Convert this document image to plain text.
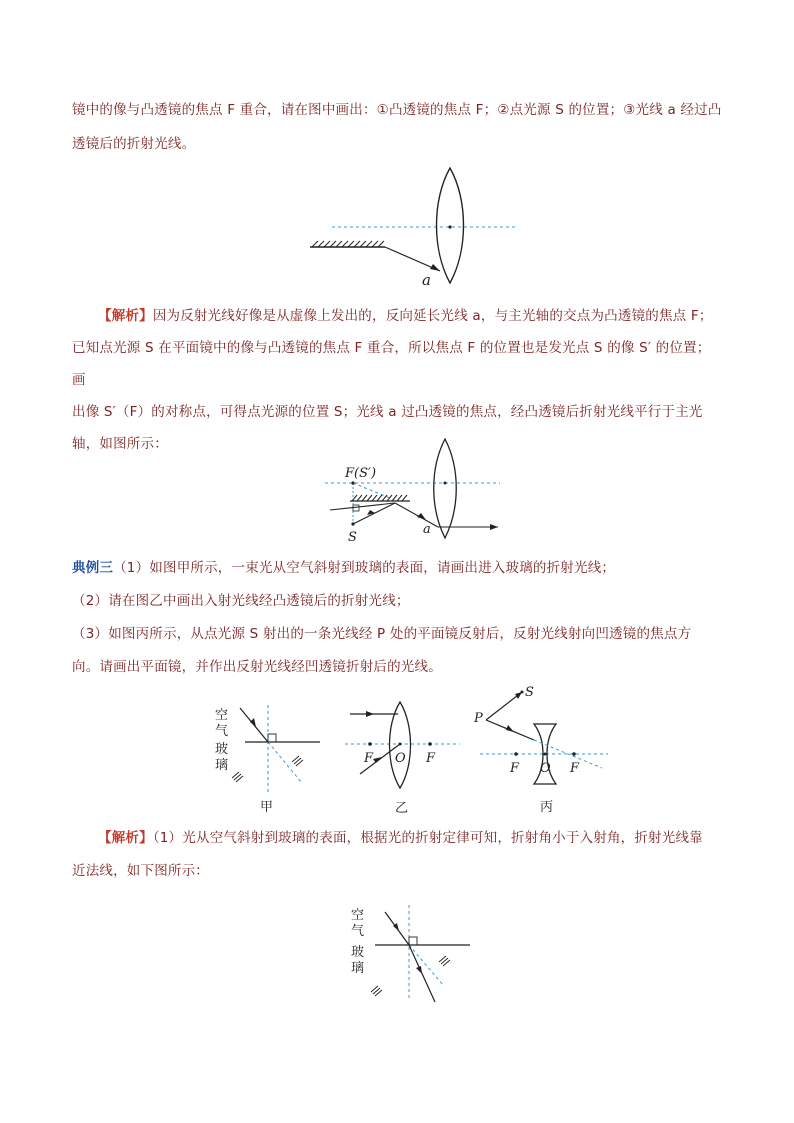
镜中的像与凸透镜的焦点 F 重合，请在图中画出：①凸透镜的焦点 F；②点光源 S 的位置；③光线 a 经过凸
透镜后的折射光线。
a
【解析】因为反射光线好像是从虚像上发出的，反向延长光线 a，与主光轴的交点为凸透镜的焦点 F；
已知点光源 S 在平面镜中的像与凸透镜的焦点 F 重合，所以焦点 F 的位置也是发光点 S 的像 S′ 的位置；画
出像 S′（F）的对称点，可得点光源的位置 S；光线 a 过凸透镜的焦点，经凸透镜后折射光线平行于主光
轴，如图所示：
F(S′)
S
a
典例三（1）如图甲所示，一束光从空气斜射到玻璃的表面，请画出进入玻璃的折射光线；
（2）请在图乙中画出入射光线经凸透镜后的折射光线；
（3）如图丙所示，从点光源 S 射出的一条光线经 P 处的平面镜反射后，反射光线射向凹透镜的焦点方
向。请画出平面镜，并作出反射光线经凹透镜折射后的光线。
空气
玻璃
甲
F O F
乙
S
P
F O F
丙
【解析】（1）光从空气斜射到玻璃的表面，根据光的折射定律可知，折射角小于入射角，折射光线靠
近法线，如下图所示：
空气
玻璃
